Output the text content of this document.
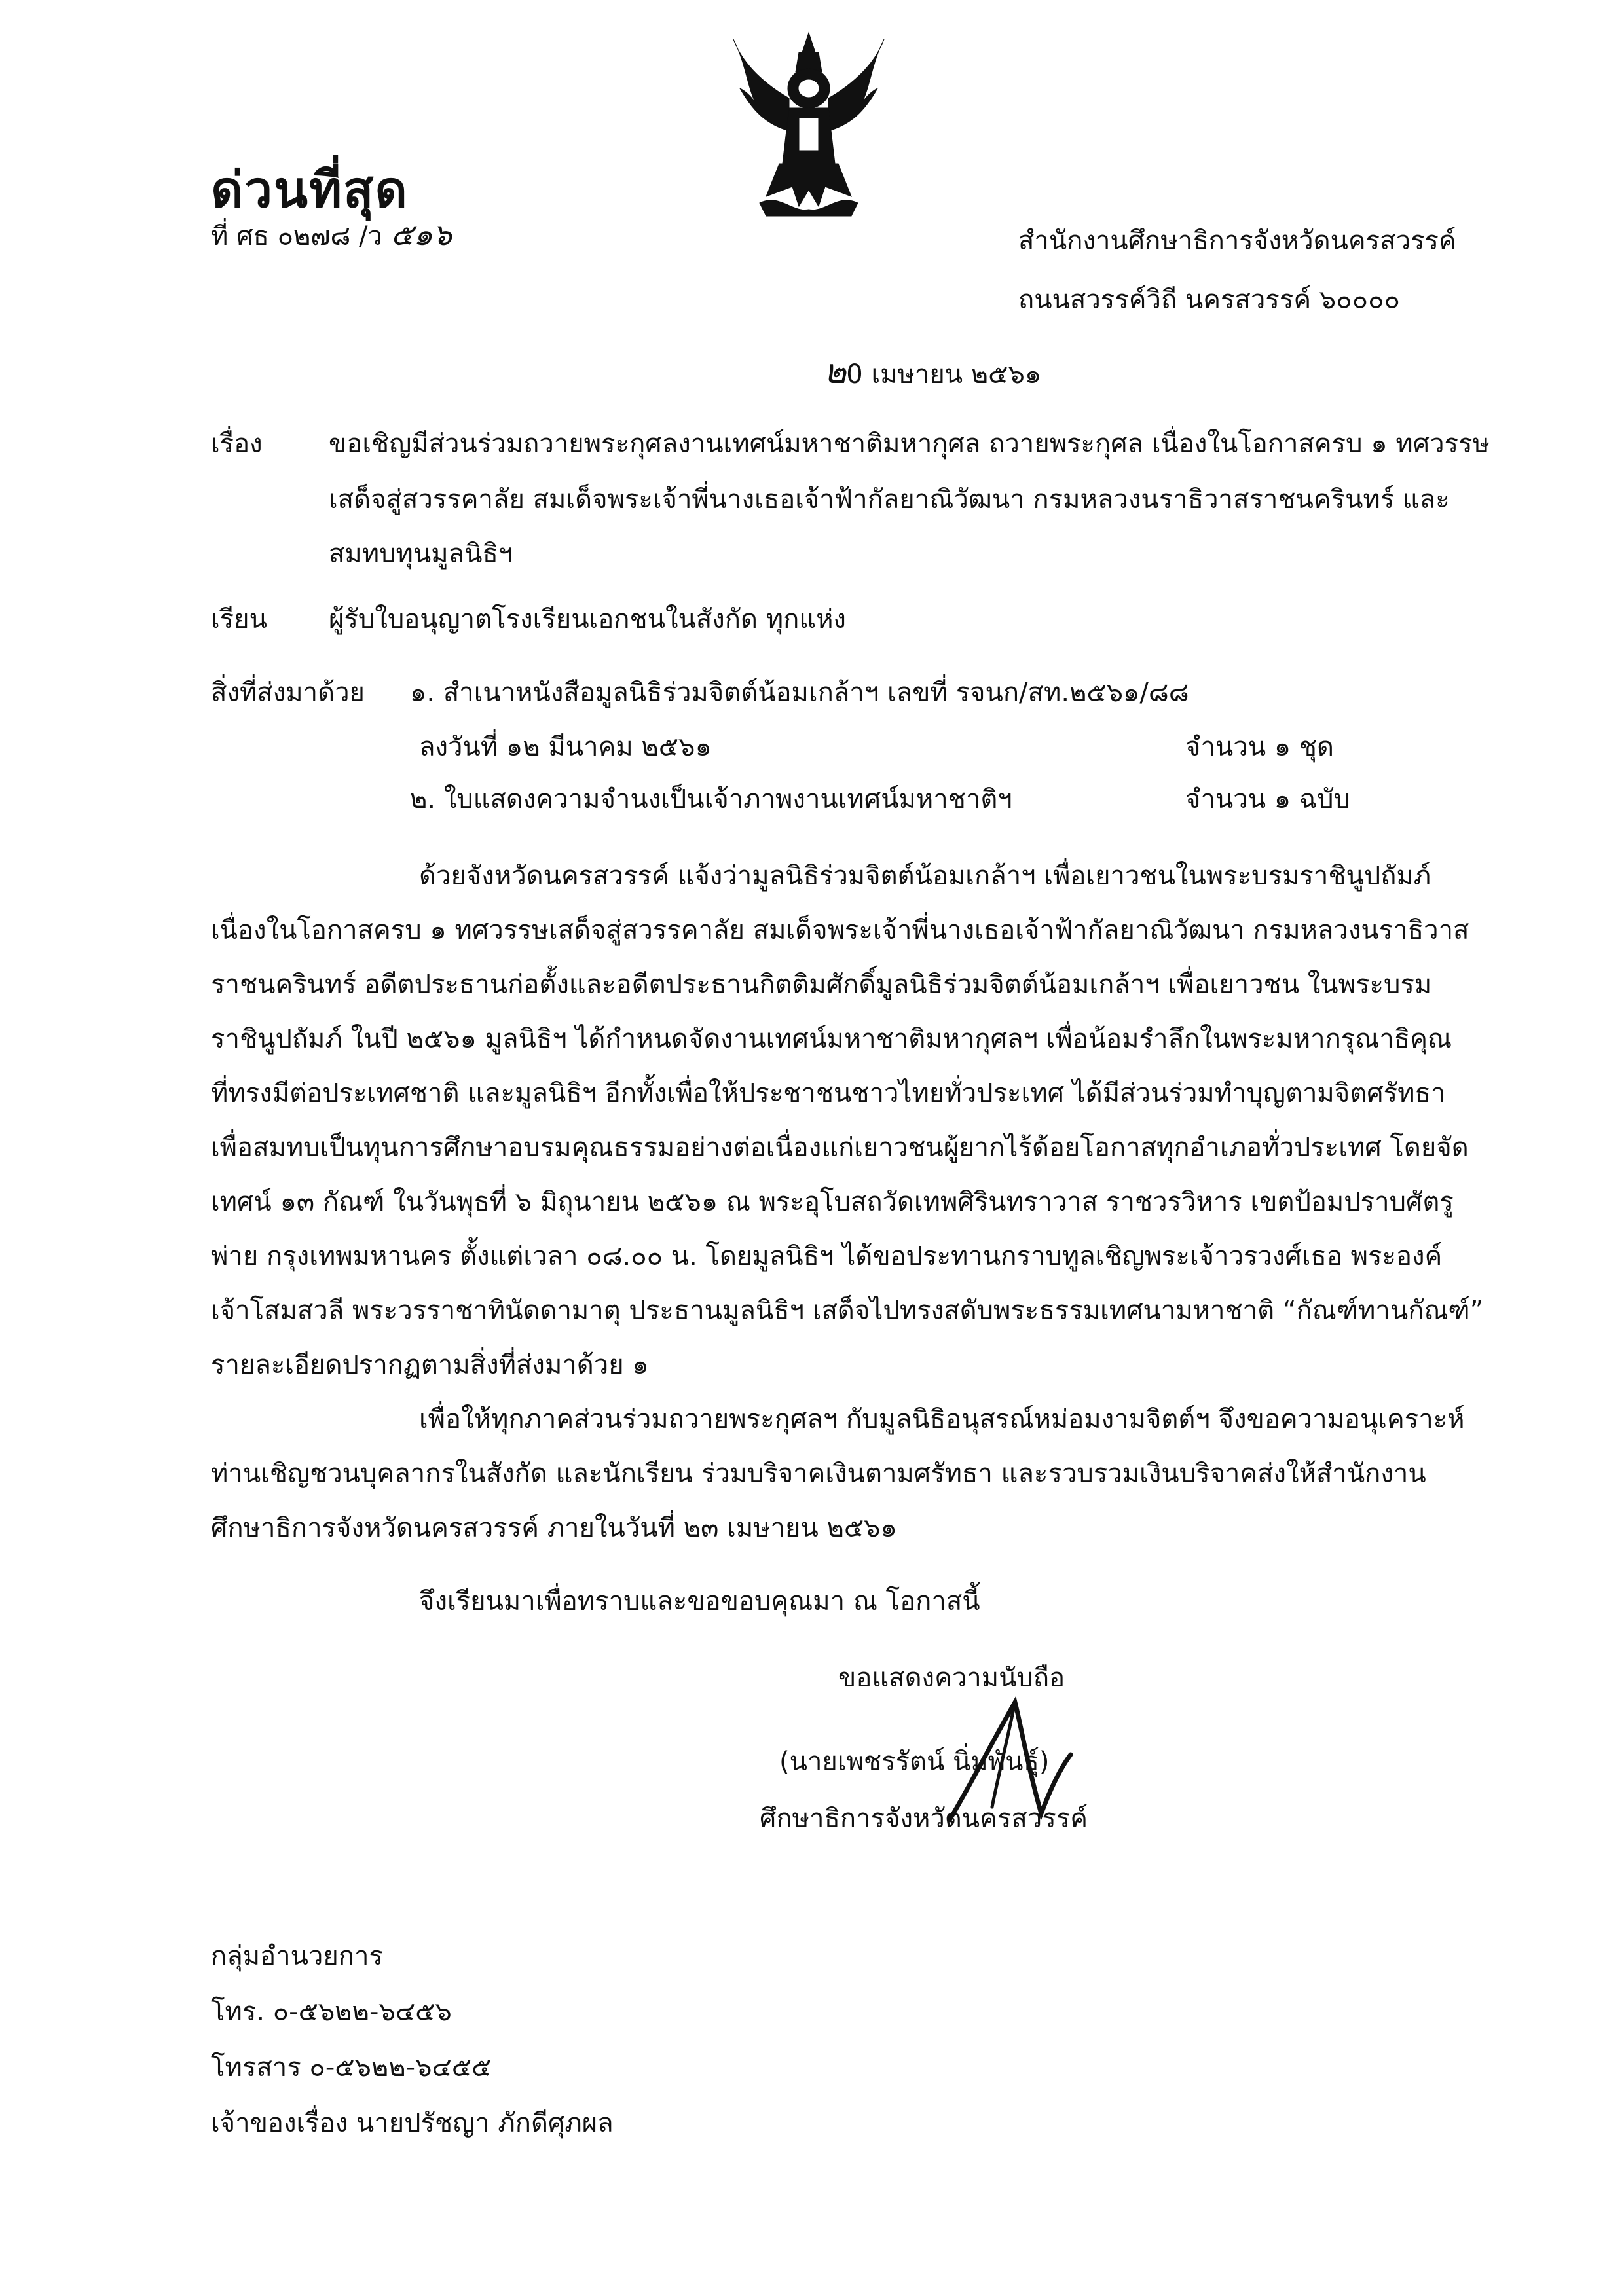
ด่วนที่สุด
ที่ ศธ ๐๒๗๘ /ว ๕๑๖	สำนักงานศึกษาธิการจังหวัดนครสวรรค์
ถนนสวรรค์วิถี นครสวรรค์ ๖๐๐๐๐
๒0 เมษายน ๒๕๖๑
เรื่อง	ขอเชิญมีส่วนร่วมถวายพระกุศลงานเทศน์มหาชาติมหากุศล ถวายพระกุศล เนื่องในโอกาสครบ ๑ ทศวรรษ
เสด็จสู่สวรรคาลัย สมเด็จพระเจ้าพี่นางเธอเจ้าฟ้ากัลยาณิวัฒนา กรมหลวงนราธิวาสราชนครินทร์ และ
สมทบทุนมูลนิธิฯ
เรียน ผู้รับใบอนุญาตโรงเรียนเอกชนในสังกัด ทุกแห่ง
สิ่งที่ส่งมาด้วย ๑. สำเนาหนังสือมูลนิธิร่วมจิตต์น้อมเกล้าฯ เลขที่ รจนก/สท.๒๕๖๑/๘๘
ลงวันที่ ๑๒ มีนาคม ๒๕๖๑	จำนวน ๑ ชุด
๒. ใบแสดงความจำนงเป็นเจ้าภาพงานเทศน์มหาชาติฯ	จำนวน ๑ ฉบับ
ด้วยจังหวัดนครสวรรค์ แจ้งว่ามูลนิธิร่วมจิตต์น้อมเกล้าฯ เพื่อเยาวชนในพระบรมราชินูปถัมภ์
เนื่องในโอกาสครบ ๑ ทศวรรษเสด็จสู่สวรรคาลัย สมเด็จพระเจ้าพี่นางเธอเจ้าฟ้ากัลยาณิวัฒนา กรมหลวงนราธิวาส
ราชนครินทร์ อดีตประธานก่อตั้งและอดีตประธานกิตติมศักดิ์มูลนิธิร่วมจิตต์น้อมเกล้าฯ เพื่อเยาวชน ในพระบรม
ราชินูปถัมภ์ ในปี ๒๕๖๑ มูลนิธิฯ ได้กำหนดจัดงานเทศน์มหาชาติมหากุศลฯ เพื่อน้อมรำลึกในพระมหากรุณาธิคุณ
ที่ทรงมีต่อประเทศชาติ และมูลนิธิฯ อีกทั้งเพื่อให้ประชาชนชาวไทยทั่วประเทศ ได้มีส่วนร่วมทำบุญตามจิตศรัทธา
เพื่อสมทบเป็นทุนการศึกษาอบรมคุณธรรมอย่างต่อเนื่องแก่เยาวชนผู้ยากไร้ด้อยโอกาสทุกอำเภอทั่วประเทศ โดยจัด
เทศน์ ๑๓ กัณฑ์ ในวันพุธที่ ๖ มิถุนายน ๒๕๖๑ ณ พระอุโบสถวัดเทพศิรินทราวาส ราชวรวิหาร เขตป้อมปราบศัตรู
พ่าย กรุงเทพมหานคร ตั้งแต่เวลา ๐๘.๐๐ น. โดยมูลนิธิฯ ได้ขอประทานกราบทูลเชิญพระเจ้าวรวงศ์เธอ พระองค์
เจ้าโสมสวลี พระวรราชาทินัดดามาตุ ประธานมูลนิธิฯ เสด็จไปทรงสดับพระธรรมเทศนามหาชาติ “กัณฑ์ทานกัณฑ์”
รายละเอียดปรากฏตามสิ่งที่ส่งมาด้วย ๑
เพื่อให้ทุกภาคส่วนร่วมถวายพระกุศลฯ กับมูลนิธิอนุสรณ์หม่อมงามจิตต์ฯ จึงขอความอนุเคราะห์
ท่านเชิญชวนบุคลากรในสังกัด และนักเรียน ร่วมบริจาคเงินตามศรัทธา และรวบรวมเงินบริจาคส่งให้สำนักงาน
ศึกษาธิการจังหวัดนครสวรรค์ ภายในวันที่ ๒๓ เมษายน ๒๕๖๑
จึงเรียนมาเพื่อทราบและขอขอบคุณมา ณ โอกาสนี้
ขอแสดงความนับถือ
(นายเพชรรัตน์ นิ่มพันธุ์)
ศึกษาธิการจังหวัดนครสวรรค์
กลุ่มอำนวยการ
โทร. ๐-๕๖๒๒-๖๔๕๖
โทรสาร ๐-๕๖๒๒-๖๔๕๕
เจ้าของเรื่อง นายปรัชญา ภักดีศุภผล
